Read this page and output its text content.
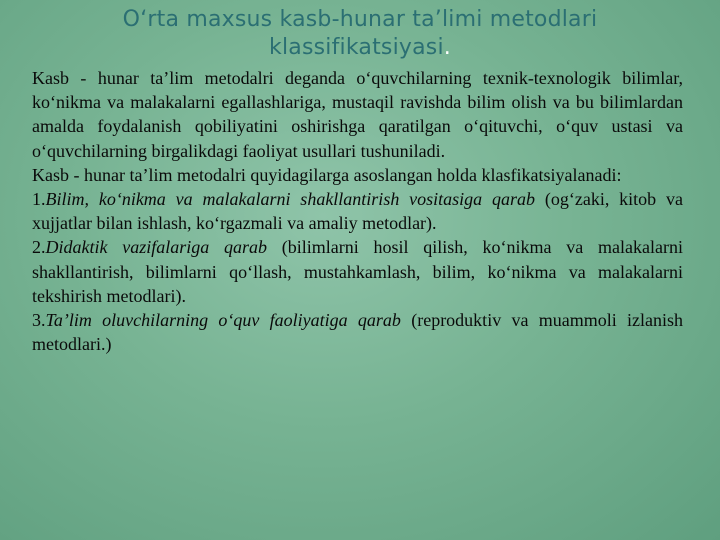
O‘rta maxsus kasb-hunar ta’limi metodlari klassifikatsiyasi.

Kasb - hunar ta’lim metodalri deganda o‘quvchilarning texnik-texnologik bilimlar, ko‘nikma va malakalarni egallashlariga, mustaqil ravishda bilim olish va bu bilimlardan amalda foydalanish qobiliyatini oshirishga qaratilgan o‘qituvchi, o‘quv ustasi va o‘quvchilarning birgalikdagi faoliyat usullari tushuniladi.

Kasb - hunar ta’lim metodalri quyidagilarga asoslangan holda klasfikatsiyalanadi:

1.Bilim, ko‘nikma va malakalarni shakllantirish vositasiga qarab (og‘zaki, kitob va xujjatlar bilan ishlash, ko‘rgazmali va amaliy metodlar).

2.Didaktik vazifalariga qarab (bilimlarni hosil qilish, ko‘nikma va malakalarni shakllantirish, bilimlarni qo‘llash, mustahkamlash, bilim, ko‘nikma va malakalarni tekshirish metodlari).

3.Ta’lim oluvchilarning o‘quv faoliyatiga qarab (reproduktiv va muammoli izlanish metodlari.)
